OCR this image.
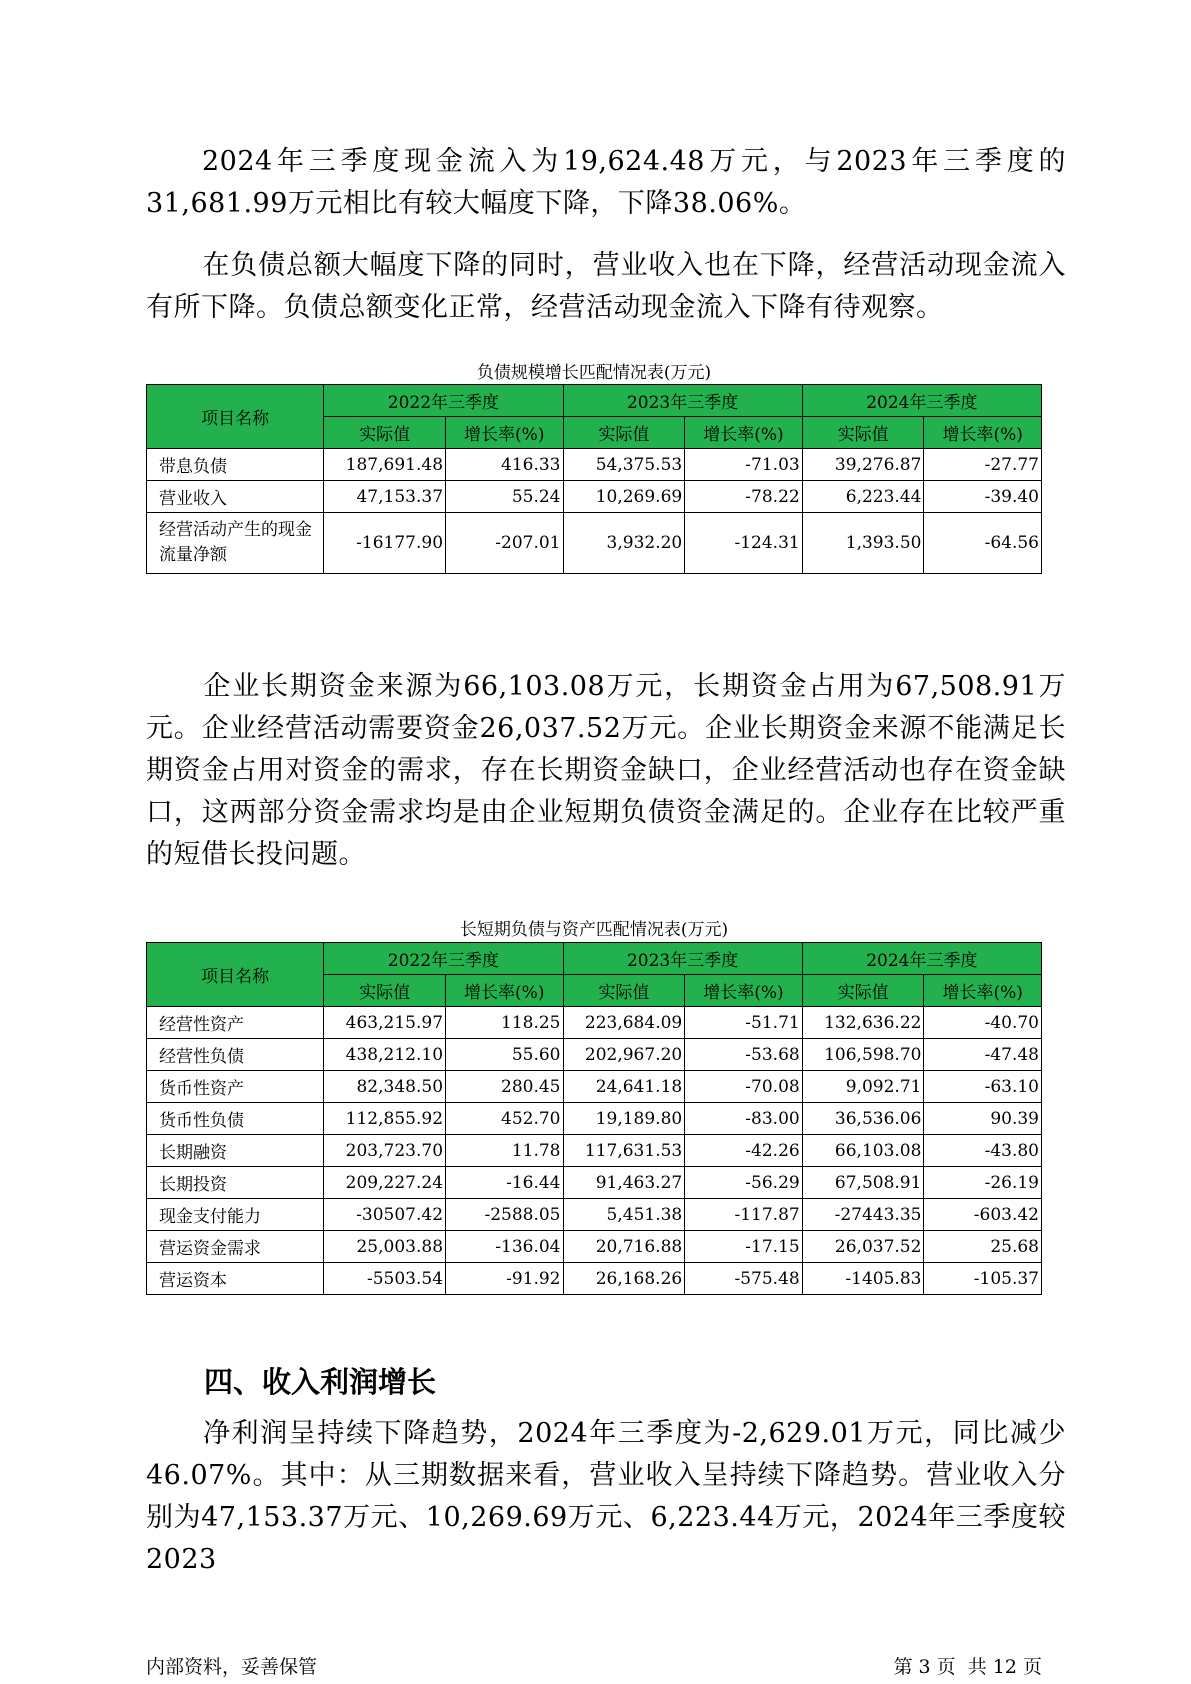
2024年三季度现金流入为19,624.48万元，与2023年三季度的31,681.99万元相比有较大幅度下降，下降38.06%。

在负债总额大幅度下降的同时，营业收入也在下降，经营活动现金流入有所下降。负债总额变化正常，经营活动现金流入下降有待观察。

负债规模增长匹配情况表(万元)
项目名称	2022年三季度		2023年三季度		2024年三季度	
	实际值	增长率(%)	实际值	增长率(%)	实际值	增长率(%)
带息负债	187,691.48	416.33	54,375.53	-71.03	39,276.87	-27.77
营业收入	47,153.37	55.24	10,269.69	-78.22	6,223.44	-39.40
经营活动产生的现金流量净额	-16177.90	-207.01	3,932.20	-124.31	1,393.50	-64.56

企业长期资金来源为66,103.08万元，长期资金占用为67,508.91万元。企业经营活动需要资金26,037.52万元。企业长期资金来源不能满足长期资金占用对资金的需求，存在长期资金缺口，企业经营活动也存在资金缺口，这两部分资金需求均是由企业短期负债资金满足的。企业存在比较严重的短借长投问题。

长短期负债与资产匹配情况表(万元)
项目名称	2022年三季度		2023年三季度		2024年三季度	
	实际值	增长率(%)	实际值	增长率(%)	实际值	增长率(%)
经营性资产	463,215.97	118.25	223,684.09	-51.71	132,636.22	-40.70
经营性负债	438,212.10	55.60	202,967.20	-53.68	106,598.70	-47.48
货币性资产	82,348.50	280.45	24,641.18	-70.08	9,092.71	-63.10
货币性负债	112,855.92	452.70	19,189.80	-83.00	36,536.06	90.39
长期融资	203,723.70	11.78	117,631.53	-42.26	66,103.08	-43.80
长期投资	209,227.24	-16.44	91,463.27	-56.29	67,508.91	-26.19
现金支付能力	-30507.42	-2588.05	5,451.38	-117.87	-27443.35	-603.42
营运资金需求	25,003.88	-136.04	20,716.88	-17.15	26,037.52	25.68
营运资本	-5503.54	-91.92	26,168.26	-575.48	-1405.83	-105.37
四、收入利润增长

净利润呈持续下降趋势，2024年三季度为-2,629.01万元，同比减少46.07%。其中：从三期数据来看，营业收入呈持续下降趋势。营业收入分别为47,153.37万元、10,269.69万元、6,223.44万元，2024年三季度较2023

内部资料，妥善保管	第 3 页  共 12 页
